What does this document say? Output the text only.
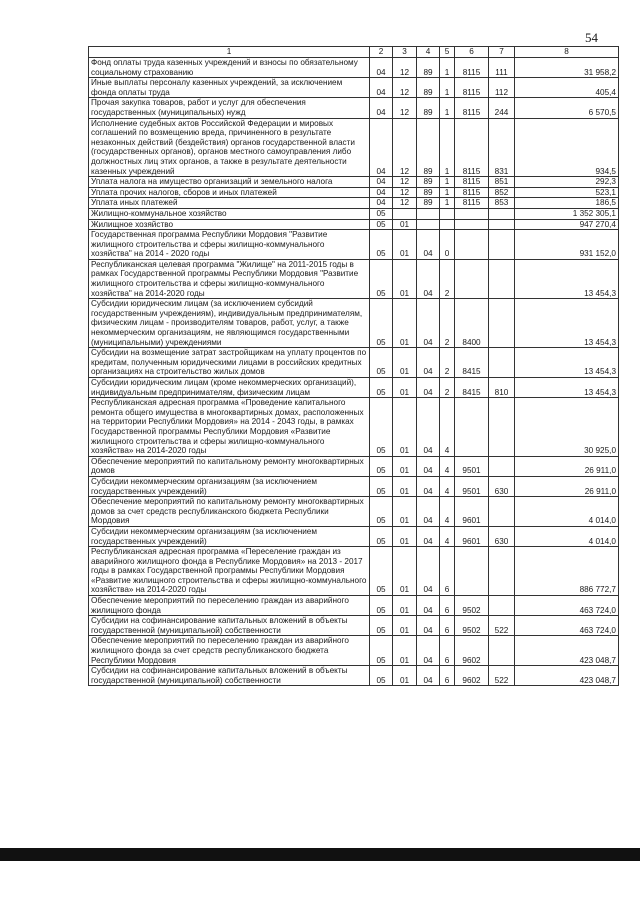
54
1	2	3	4	5	6	7	8
Фонд оплаты труда казенных учреждений и взносы по обязательному социальному страхованию	04	12	89	1	8115	111	31 958,2
Иные выплаты персоналу казенных учреждений, за исключением фонда оплаты труда	04	12	89	1	8115	112	405,4
Прочая закупка товаров, работ и услуг для обеспечения государственных (муниципальных) нужд	04	12	89	1	8115	244	6 570,5
Исполнение судебных актов Российской Федерации и мировых соглашений по возмещению вреда, причиненного в результате незаконных действий (бездействия) органов государственной власти (государственных органов), органов местного самоуправления либо должностных лиц этих органов, а также в результате деятельности казенных учреждений	04	12	89	1	8115	831	934,5
Уплата налога на имущество организаций и земельного налога	04	12	89	1	8115	851	292,3
Уплата прочих налогов, сборов и иных платежей	04	12	89	1	8115	852	523,1
Уплата иных платежей	04	12	89	1	8115	853	186,5
Жилищно-коммунальное хозяйство	05						1 352 305,1
Жилищное хозяйство	05	01					947 270,4
Государственная программа Республики Мордовия "Развитие жилищного строительства и сферы жилищно-коммунального хозяйства" на 2014 - 2020 годы	05	01	04	0			931 152,0
Республиканская целевая программа "Жилище" на 2011-2015 годы в рамках Государственной программы Республики Мордовия "Развитие жилищного строительства и сферы жилищно-коммунального хозяйства" на 2014-2020 годы	05	01	04	2			13 454,3
Субсидии юридическим лицам (за исключением субсидий государственным учреждениям), индивидуальным предпринимателям, физическим лицам - производителям товаров, работ, услуг, а также некоммерческим организациям, не являющимся государственными (муниципальными) учреждениями	05	01	04	2	8400		13 454,3
Субсидии на возмещение затрат застройщикам на уплату процентов по кредитам, полученным юридическими лицами в российских кредитных организациях на строительство жилых домов	05	01	04	2	8415		13 454,3
Субсидии юридическим лицам (кроме некоммерческих организаций), индивидуальным предпринимателям, физическим лицам	05	01	04	2	8415	810	13 454,3
Республиканская адресная программа «Проведение капитального ремонта общего имущества в многоквартирных домах, расположенных на территории Республики Мордовия» на 2014 - 2043 годы, в рамках Государственной программы Республики Мордовия «Развитие жилищного строительства и сферы жилищно-коммунального хозяйства» на 2014-2020 годы	05	01	04	4			30 925,0
Обеспечение мероприятий по капитальному ремонту многоквартирных домов	05	01	04	4	9501		26 911,0
Субсидии некоммерческим организациям (за исключением государственных учреждений)	05	01	04	4	9501	630	26 911,0
Обеспечение мероприятий по капитальному ремонту многоквартирных домов за счет средств республиканского бюджета Республики Мордовия	05	01	04	4	9601		4 014,0
Субсидии некоммерческим организациям (за исключением государственных учреждений)	05	01	04	4	9601	630	4 014,0
Республиканская адресная программа «Переселение граждан из аварийного жилищного фонда в Республике Мордовия» на 2013 - 2017 годы в рамках Государственной программы Республики Мордовия «Развитие жилищного строительства и сферы жилищно-коммунального хозяйства» на 2014-2020 годы	05	01	04	6			886 772,7
Обеспечение мероприятий по переселению граждан из аварийного жилищного фонда	05	01	04	6	9502		463 724,0
Субсидии на софинансирование капитальных вложений в объекты государственной (муниципальной) собственности	05	01	04	6	9502	522	463 724,0
Обеспечение мероприятий по переселению граждан из аварийного жилищного фонда за счет средств республиканского бюджета Республики Мордовия	05	01	04	6	9602		423 048,7
Субсидии на софинансирование капитальных вложений в объекты государственной (муниципальной) собственности	05	01	04	6	9602	522	423 048,7
